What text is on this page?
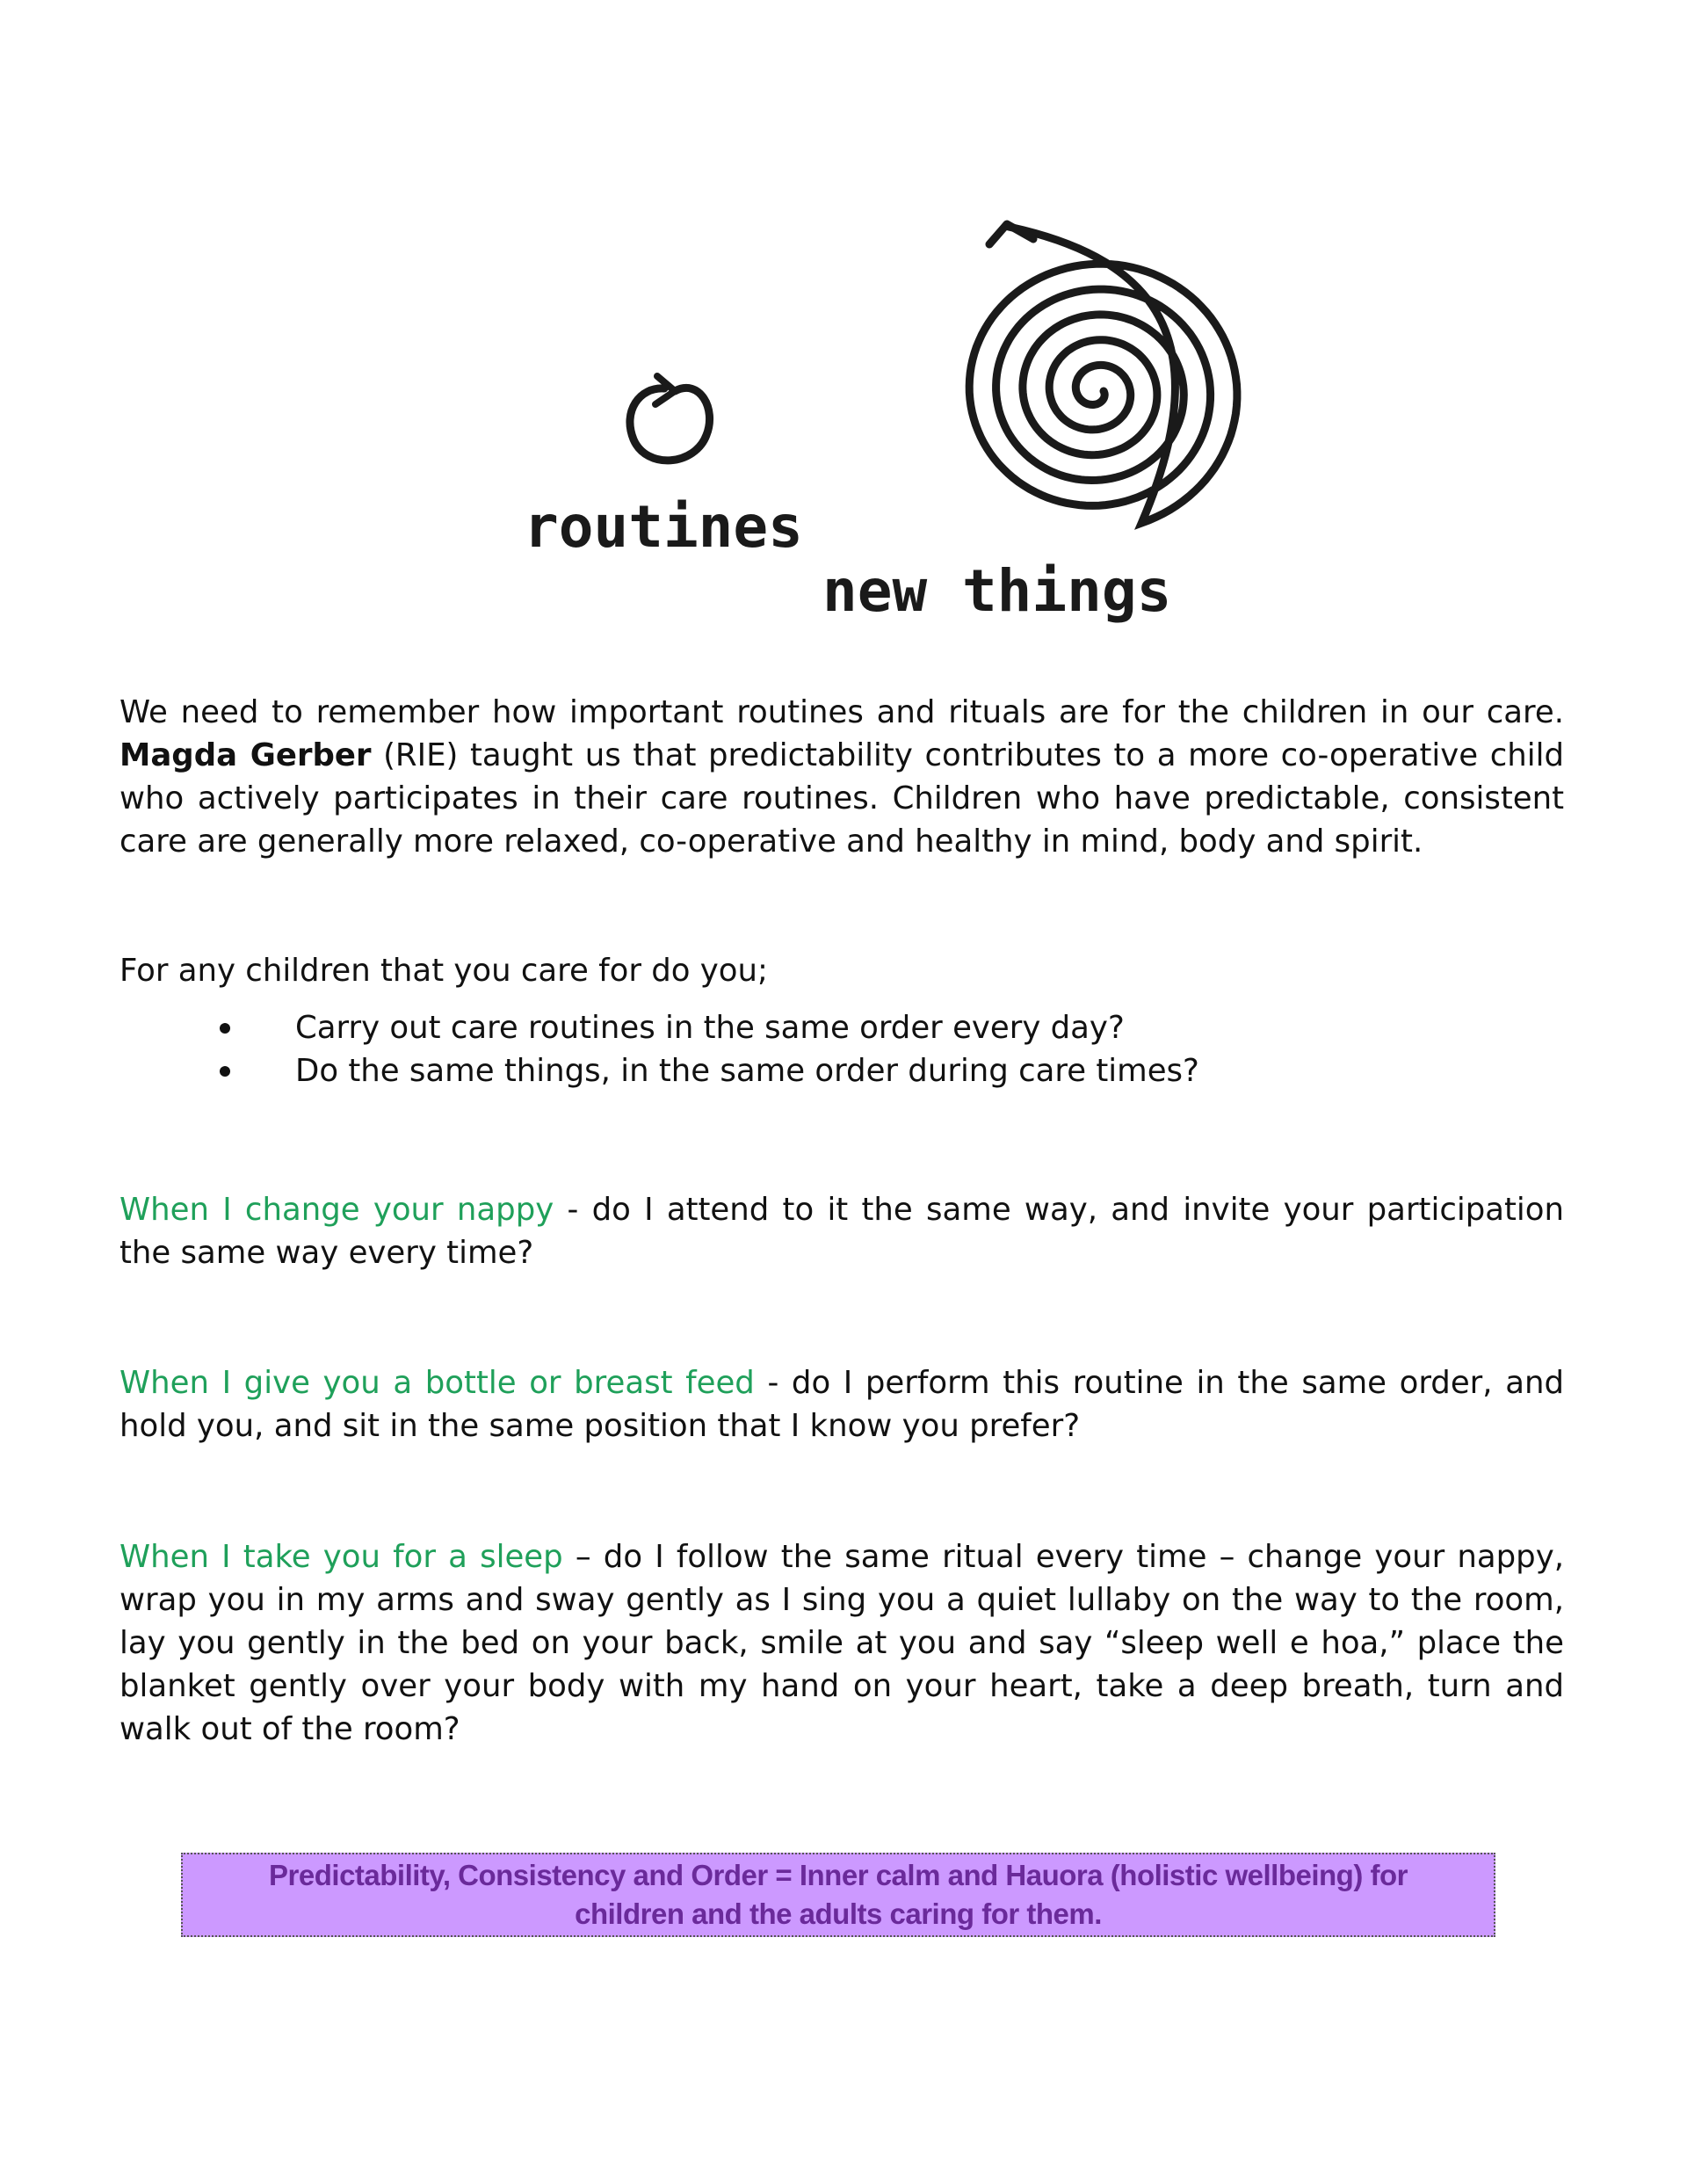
routines
new things

We need to remember how important routines and rituals are for the children in our care. Magda Gerber (RIE) taught us that predictability contributes to a more co-operative child who actively participates in their care routines. Children who have predictable, consistent care are generally more relaxed, co-operative and healthy in mind, body and spirit.

For any children that you care for do you;

Carry out care routines in the same order every day?
Do the same things, in the same order during care times?

When I change your nappy - do I attend to it the same way, and invite your participation the same way every time?

When I give you a bottle or breast feed - do I perform this routine in the same order, and hold you, and sit in the same position that I know you prefer?

When I take you for a sleep – do I follow the same ritual every time – change your nappy, wrap you in my arms and sway gently as I sing you a quiet lullaby on the way to the room, lay you gently in the bed on your back, smile at you and say “sleep well e hoa,” place the blanket gently over your body with my hand on your heart, take a deep breath, turn and walk out of the room?

Predictability, Consistency and Order = Inner calm and Hauora (holistic wellbeing) for children and the adults caring for them.
